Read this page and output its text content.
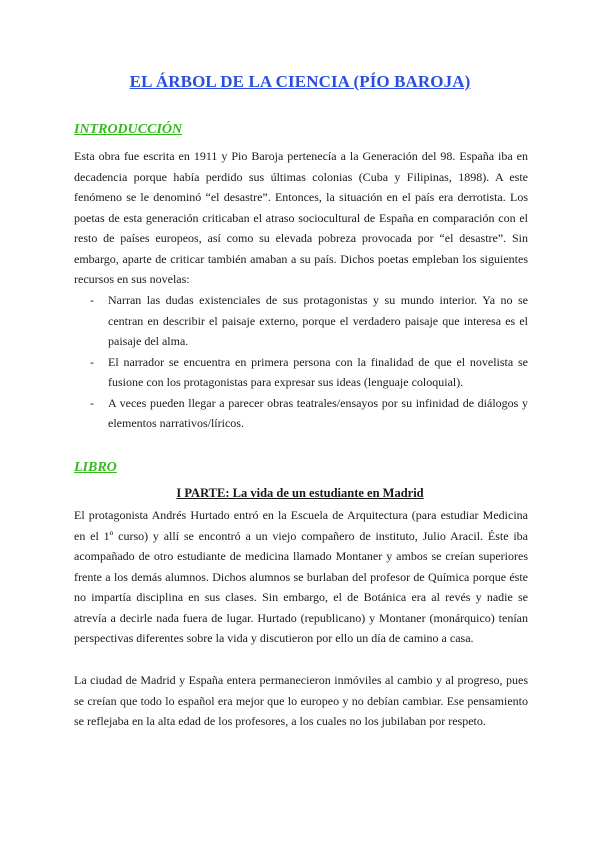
EL ÁRBOL DE LA CIENCIA (PÍO BAROJA)
INTRODUCCIÓN

Esta obra fue escrita en 1911 y Pio Baroja pertenecía a la Generación del 98. España iba en decadencia porque había perdido sus últimas colonias (Cuba y Filipinas, 1898). A este fenómeno se le denominó “el desastre”. Entonces, la situación en el país era derrotista. Los poetas de esta generación criticaban el atraso sociocultural de España en comparación con el resto de países europeos, así como su elevada pobreza provocada por “el desastre”. Sin embargo, aparte de criticar también amaban a su país. Dichos poetas empleban los siguientes recursos en sus novelas:

- Narran las dudas existenciales de sus protagonistas y su mundo interior. Ya no se centran en describir el paisaje externo, porque el verdadero paisaje que interesa es el paisaje del alma.
- El narrador se encuentra en primera persona con la finalidad de que el novelista se fusione con los protagonistas para expresar sus ideas (lenguaje coloquial).
- A veces pueden llegar a parecer obras teatrales/ensayos por su infinidad de diálogos y elementos narrativos/líricos.
LIBRO
I PARTE: La vida de un estudiante en Madrid

El protagonista Andrés Hurtado entró en la Escuela de Arquitectura (para estudiar Medicina en el 1º curso) y allí se encontró a un viejo compañero de instituto, Julio Aracil. Éste iba acompañado de otro estudiante de medicina llamado Montaner y ambos se creían superiores frente a los demás alumnos. Dichos alumnos se burlaban del profesor de Química porque éste no impartía disciplina en sus clases. Sin embargo, el de Botánica era al revés y nadie se atrevía a decirle nada fuera de lugar. Hurtado (republicano) y Montaner (monárquico) tenían perspectivas diferentes sobre la vida y discutieron por ello un día de camino a casa.

La ciudad de Madrid y España entera permanecieron inmóviles al cambio y al progreso, pues se creían que todo lo español era mejor que lo europeo y no debían cambiar. Ese pensamiento se reflejaba en la alta edad de los profesores, a los cuales no los jubilaban por respeto.
